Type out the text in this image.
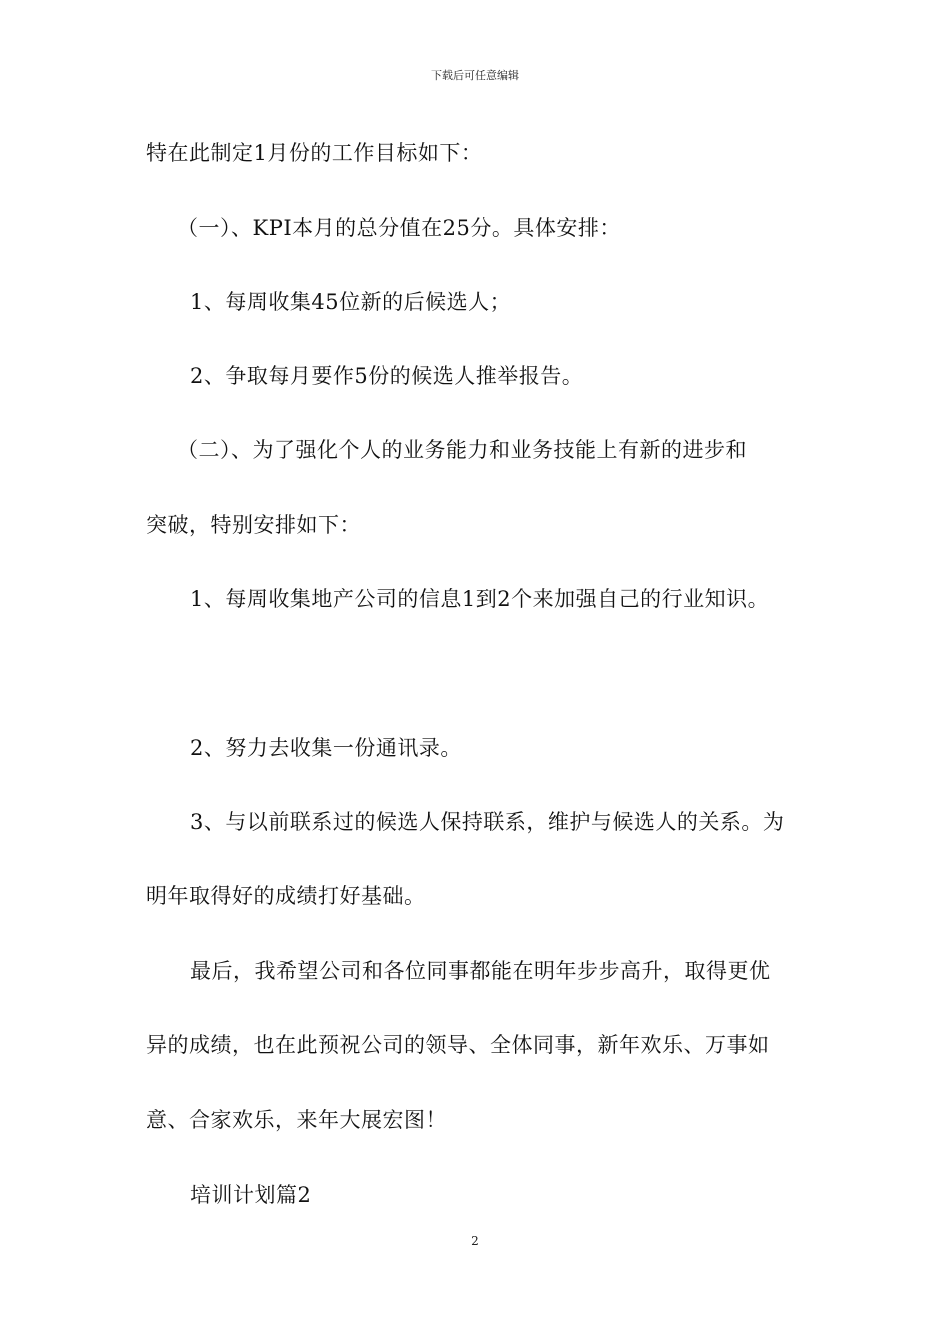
下载后可任意编辑
特在此制定1月份的工作目标如下：
（一）、KPI本月的总分值在25分。具体安排：
1、每周收集45位新的后候选人；
2、争取每月要作5份的候选人推举报告。
（二）、为了强化个人的业务能力和业务技能上有新的进步和
突破，特别安排如下：
1、每周收集地产公司的信息1到2个来加强自己的行业知识。
2、努力去收集一份通讯录。
3、与以前联系过的候选人保持联系，维护与候选人的关系。为
明年取得好的成绩打好基础。
最后，我希望公司和各位同事都能在明年步步高升，取得更优
异的成绩，也在此预祝公司的领导、全体同事，新年欢乐、万事如
意、合家欢乐，来年大展宏图！
培训计划篇2
2
